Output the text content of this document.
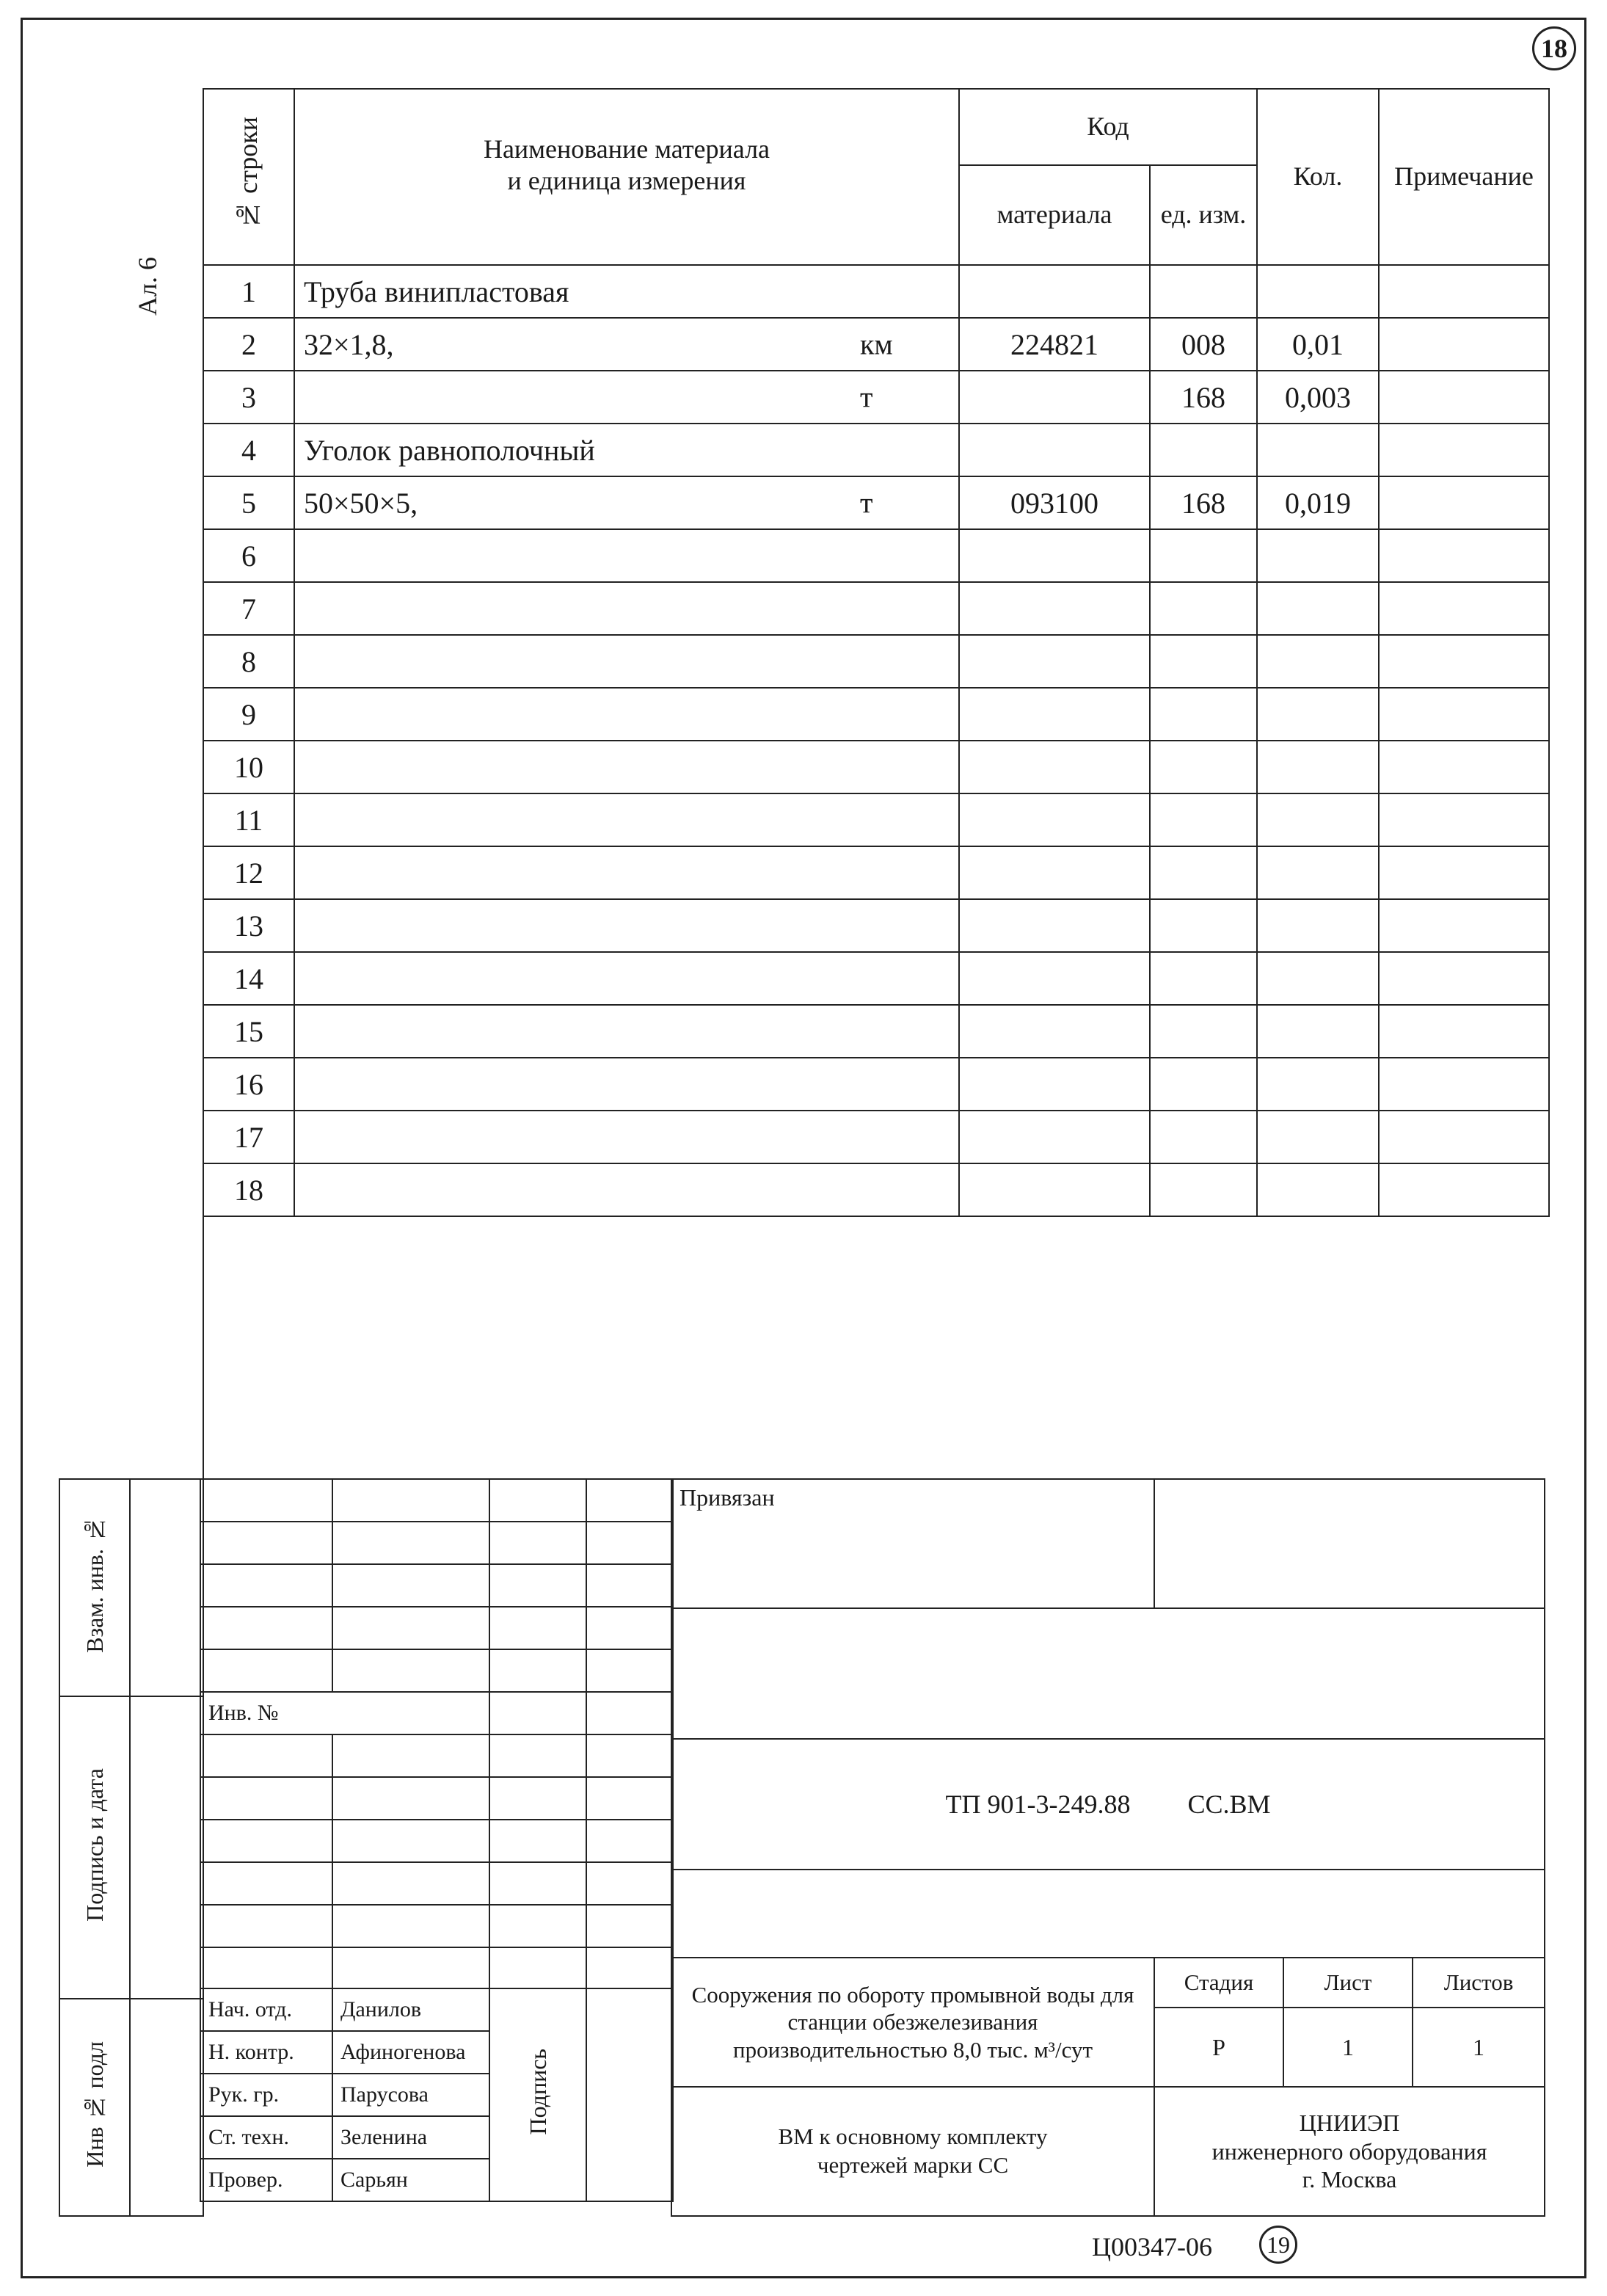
18
Ал. 6
№ строки	Наименование материала
и единица измерения	Код		Кол.	Примечание
		материала	ед. изм.		
1	Труба винипластовая

2	32×1,8, км	224821	008	0,01	
3	т		168	0,003	
4	Уголок равнополочный

5	50×50×5, т	093100	168	0,019	
6	

7	

8	

9	

10	

11	

12	

13	

14	

15	

16	

17	

18	

Взам. инв. №	
Подпись и дата	
Инв № подл	

Инв. №			

Нач. отд.	Данилов	Подпись	
Н. контр.	Афиногенова		
Рук. гр.	Парусова		
Ст. техн.	Зеленина		
Провер.	Сарьян		
Привязан			

ТП 901-3-249.88 СС.ВМ			

Сооружения по обороту промывной воды для станции обезжелезивания производительностью 8,0 тыс. м³/сут	Стадия	Лист	Листов
	Р	1	1
ВМ к основному комплекту чертежей марки СС	ЦНИИЭП
инженерного оборудования
г. Москва		
Ц00347-06 19
